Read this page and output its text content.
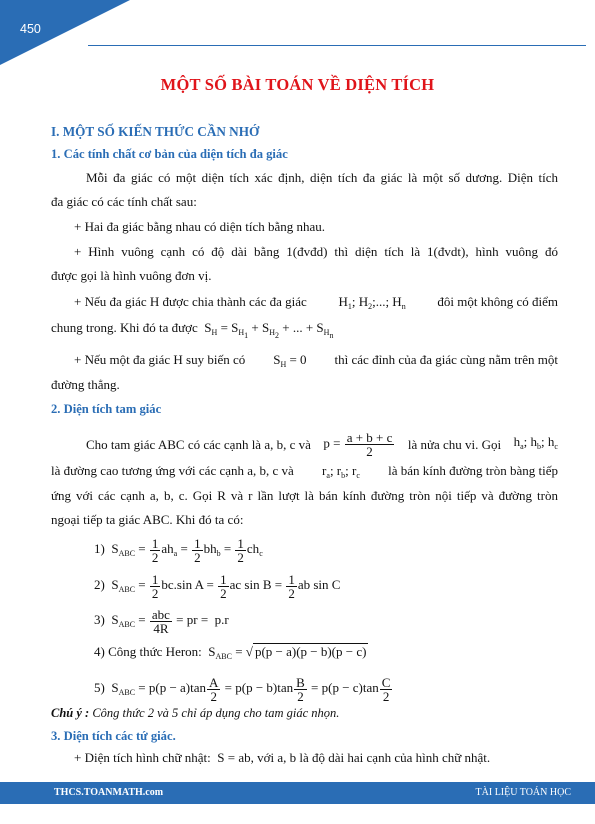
450
MỘT SỐ BÀI TOÁN VỀ DIỆN TÍCH
I. MỘT SỐ KIẾN THỨC CẦN NHỚ
1. Các tính chất cơ bản của diện tích đa giác
Mỗi đa giác có một diện tích xác định, diện tích đa giác là một số dương. Diện tích
đa giác có các tính chất sau:
+ Hai đa giác bằng nhau có diện tích bằng nhau.
+ Hình vuông cạnh có độ dài bằng 1(đvđd) thì diện tích là 1(đvdt), hình vuông đó
được gọi là hình vuông đơn vị.
+ Nếu đa giác H được chia thành các đa giác $H_1$; $H_2$;...; $H_n$ đôi một không có điểm
chung trong. Khi đó ta được  $S_H = S_{H_1} + S_{H_2}$ + ... + $S_{H_n}$
+ Nếu một đa giác H suy biến có $S_H = 0$ thì các đỉnh của đa giác cùng nằm trên một
đường thẳng.
2. Diện tích tam giác
Cho tam giác ABC có các cạnh là a, b, c và $p = \frac{a + b + c}{2}$ là nửa chu vi. Gọi $h_a$; $h_b$; $h_c$
là đường cao tương ứng với các cạnh a, b, c và $r_a$; $r_b$; $r_c$ là bán kính đường tròn bàng tiếp
ứng với các cạnh a, b, c. Gọi R và r lần lượt là bán kính đường tròn nội tiếp và đường tròn
ngoại tiếp ta giác ABC. Khi đó ta có:
1)  $S_{ABC} = \frac{1}{2} ah_a = \frac{1}{2} bh_b = \frac{1}{2} ch_c$
2)  $S_{ABC} = \frac{1}{2} bc.\sin$ $A = \frac{1}{2}$ ac $\sin B = \frac{1}{2}$ ab sin C
3)  $S_{ABC} = \frac{\text{abc}}{4R}$ = pr =  p.r
4) Công thức Heron:  $S_{ABC}$ = √ p(p − a)(p − b)(p − c)
5)  $S_{ABC} = p(p - a)\tan \frac{A}{2} = p(p - b)\tan \frac{B}{2} = p(p - c)\tan \frac{C}{2}$
Chú ý : Công thức 2 và 5 chỉ áp dụng cho tam giác nhọn.
3. Diện tích các tứ giác.
+ Diện tích hình chữ nhật:  S = ab, với a, b là độ dài hai cạnh của hình chữ nhật.
THCS.TOANMATH.com	TÀI LIỆU TOÁN HỌC
